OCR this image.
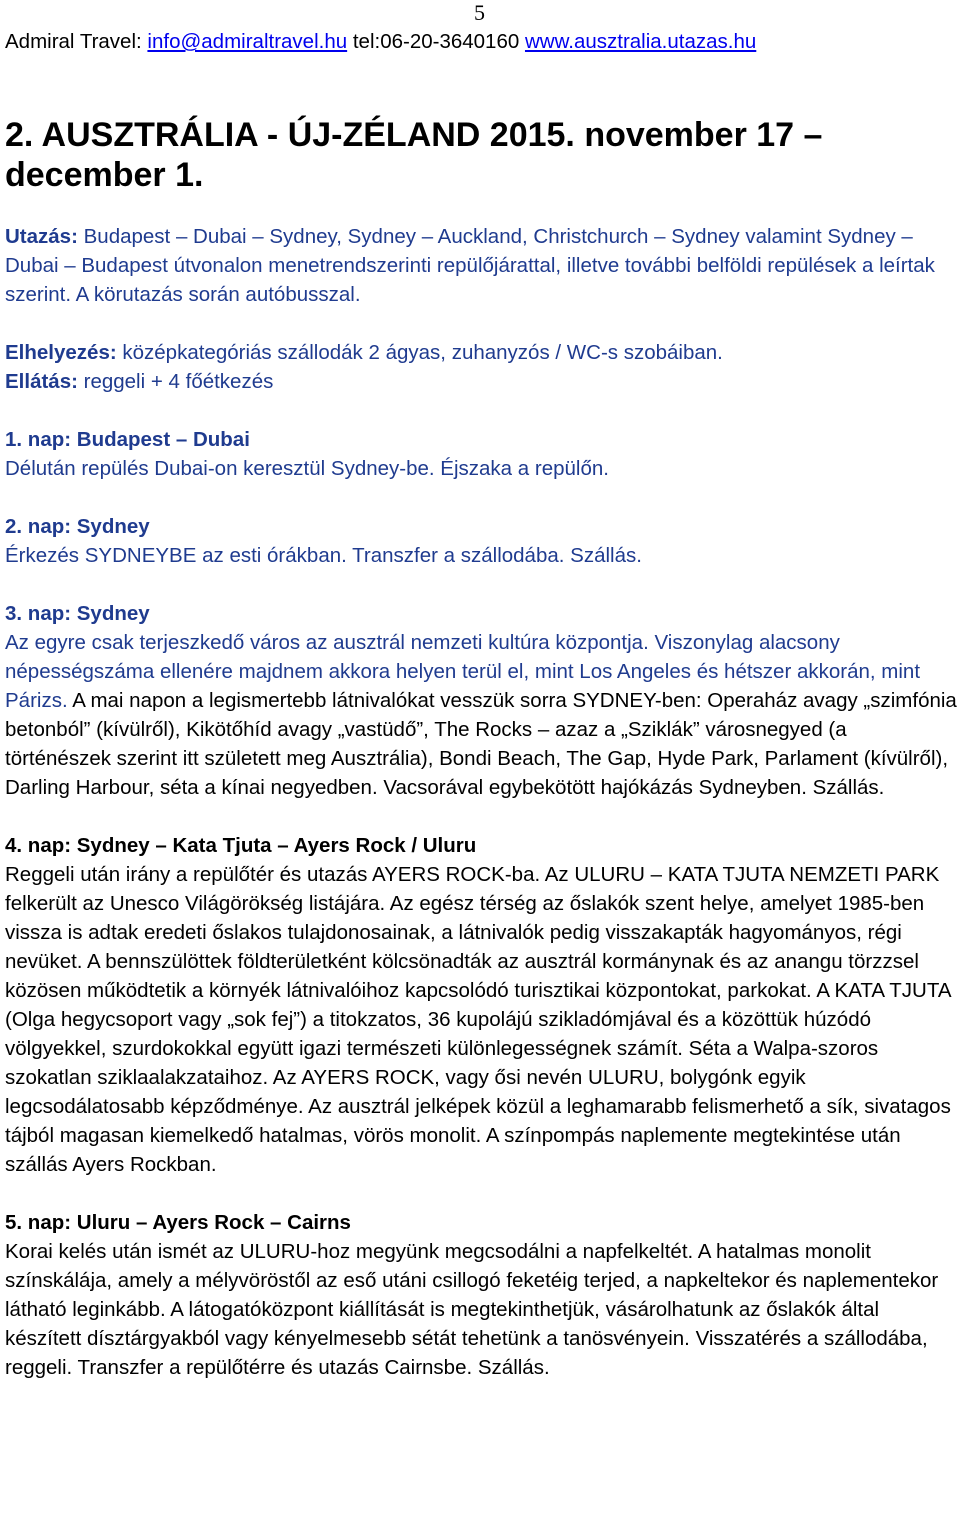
5
Admiral Travel: info@admiraltravel.hu tel:06-20-3640160 www.ausztralia.utazas.hu
2. AUSZTRÁLIA - ÚJ-ZÉLAND 2015. november 17 – december 1.

Utazás: Budapest – Dubai – Sydney, Sydney – Auckland, Christchurch – Sydney valamint Sydney – Dubai – Budapest útvonalon menetrendszerinti repülőjárattal, illetve további belföldi repülések a leírtak szerint. A körutazás során autóbusszal.

Elhelyezés: középkategóriás szállodák 2 ágyas, zuhanyzós / WC-s szobáiban.

Ellátás: reggeli + 4 főétkezés

1. nap: Budapest – Dubai

Délután repülés Dubai-on keresztül Sydney-be. Éjszaka a repülőn.

2. nap: Sydney

Érkezés SYDNEYBE az esti órákban. Transzfer a szállodába. Szállás.

3. nap: Sydney

Az egyre csak terjeszkedő város az ausztrál nemzeti kultúra központja. Viszonylag alacsony népességszáma ellenére majdnem akkora helyen terül el, mint Los Angeles és hétszer akkorán, mint Párizs. A mai napon a legismertebb látnivalókat vesszük sorra SYDNEY-ben: Operaház avagy „szimfónia betonból” (kívülről), Kikötőhíd avagy „vastüdő”, The Rocks – azaz a „Sziklák” városnegyed (a történészek szerint itt született meg Ausztrália), Bondi Beach, The Gap, Hyde Park, Parlament (kívülről), Darling Harbour, séta a kínai negyedben. Vacsorával egybekötött hajókázás Sydneyben. Szállás.

4. nap: Sydney – Kata Tjuta – Ayers Rock / Uluru

Reggeli után irány a repülőtér és utazás AYERS ROCK-ba. Az ULURU – KATA TJUTA NEMZETI PARK felkerült az Unesco Világörökség listájára. Az egész térség az őslakók szent helye, amelyet 1985-ben vissza is adtak eredeti őslakos tulajdonosainak, a látnivalók pedig visszakapták hagyományos, régi nevüket. A bennszülöttek földterületként kölcsönadták az ausztrál kormánynak és az anangu törzzsel közösen működtetik a környék látnivalóihoz kapcsolódó turisztikai központokat, parkokat. A KATA TJUTA (Olga hegycsoport vagy „sok fej”) a titokzatos, 36 kupolájú szikladómjával és a közöttük húzódó völgyekkel, szurdokokkal együtt igazi természeti különlegességnek számít. Séta a Walpa-szoros szokatlan sziklaalakzataihoz. Az AYERS ROCK, vagy ősi nevén ULURU, bolygónk egyik legcsodálatosabb képződménye. Az ausztrál jelképek közül a leghamarabb felismerhető a sík, sivatagos tájból magasan kiemelkedő hatalmas, vörös monolit. A színpompás naplemente megtekintése után szállás Ayers Rockban.

5. nap: Uluru – Ayers Rock – Cairns

Korai kelés után ismét az ULURU-hoz megyünk megcsodálni a napfelkeltét. A hatalmas monolit színskálája, amely a mélyvöröstől az eső utáni csillogó feketéig terjed, a napkeltekor és naplementekor látható leginkább. A látogatóközpont kiállítását is megtekinthetjük, vásárolhatunk az őslakók által készített dísztárgyakból vagy kényelmesebb sétát tehetünk a tanösvényein. Visszatérés a szállodába, reggeli. Transzfer a repülőtérre és utazás Cairnsbe. Szállás.
